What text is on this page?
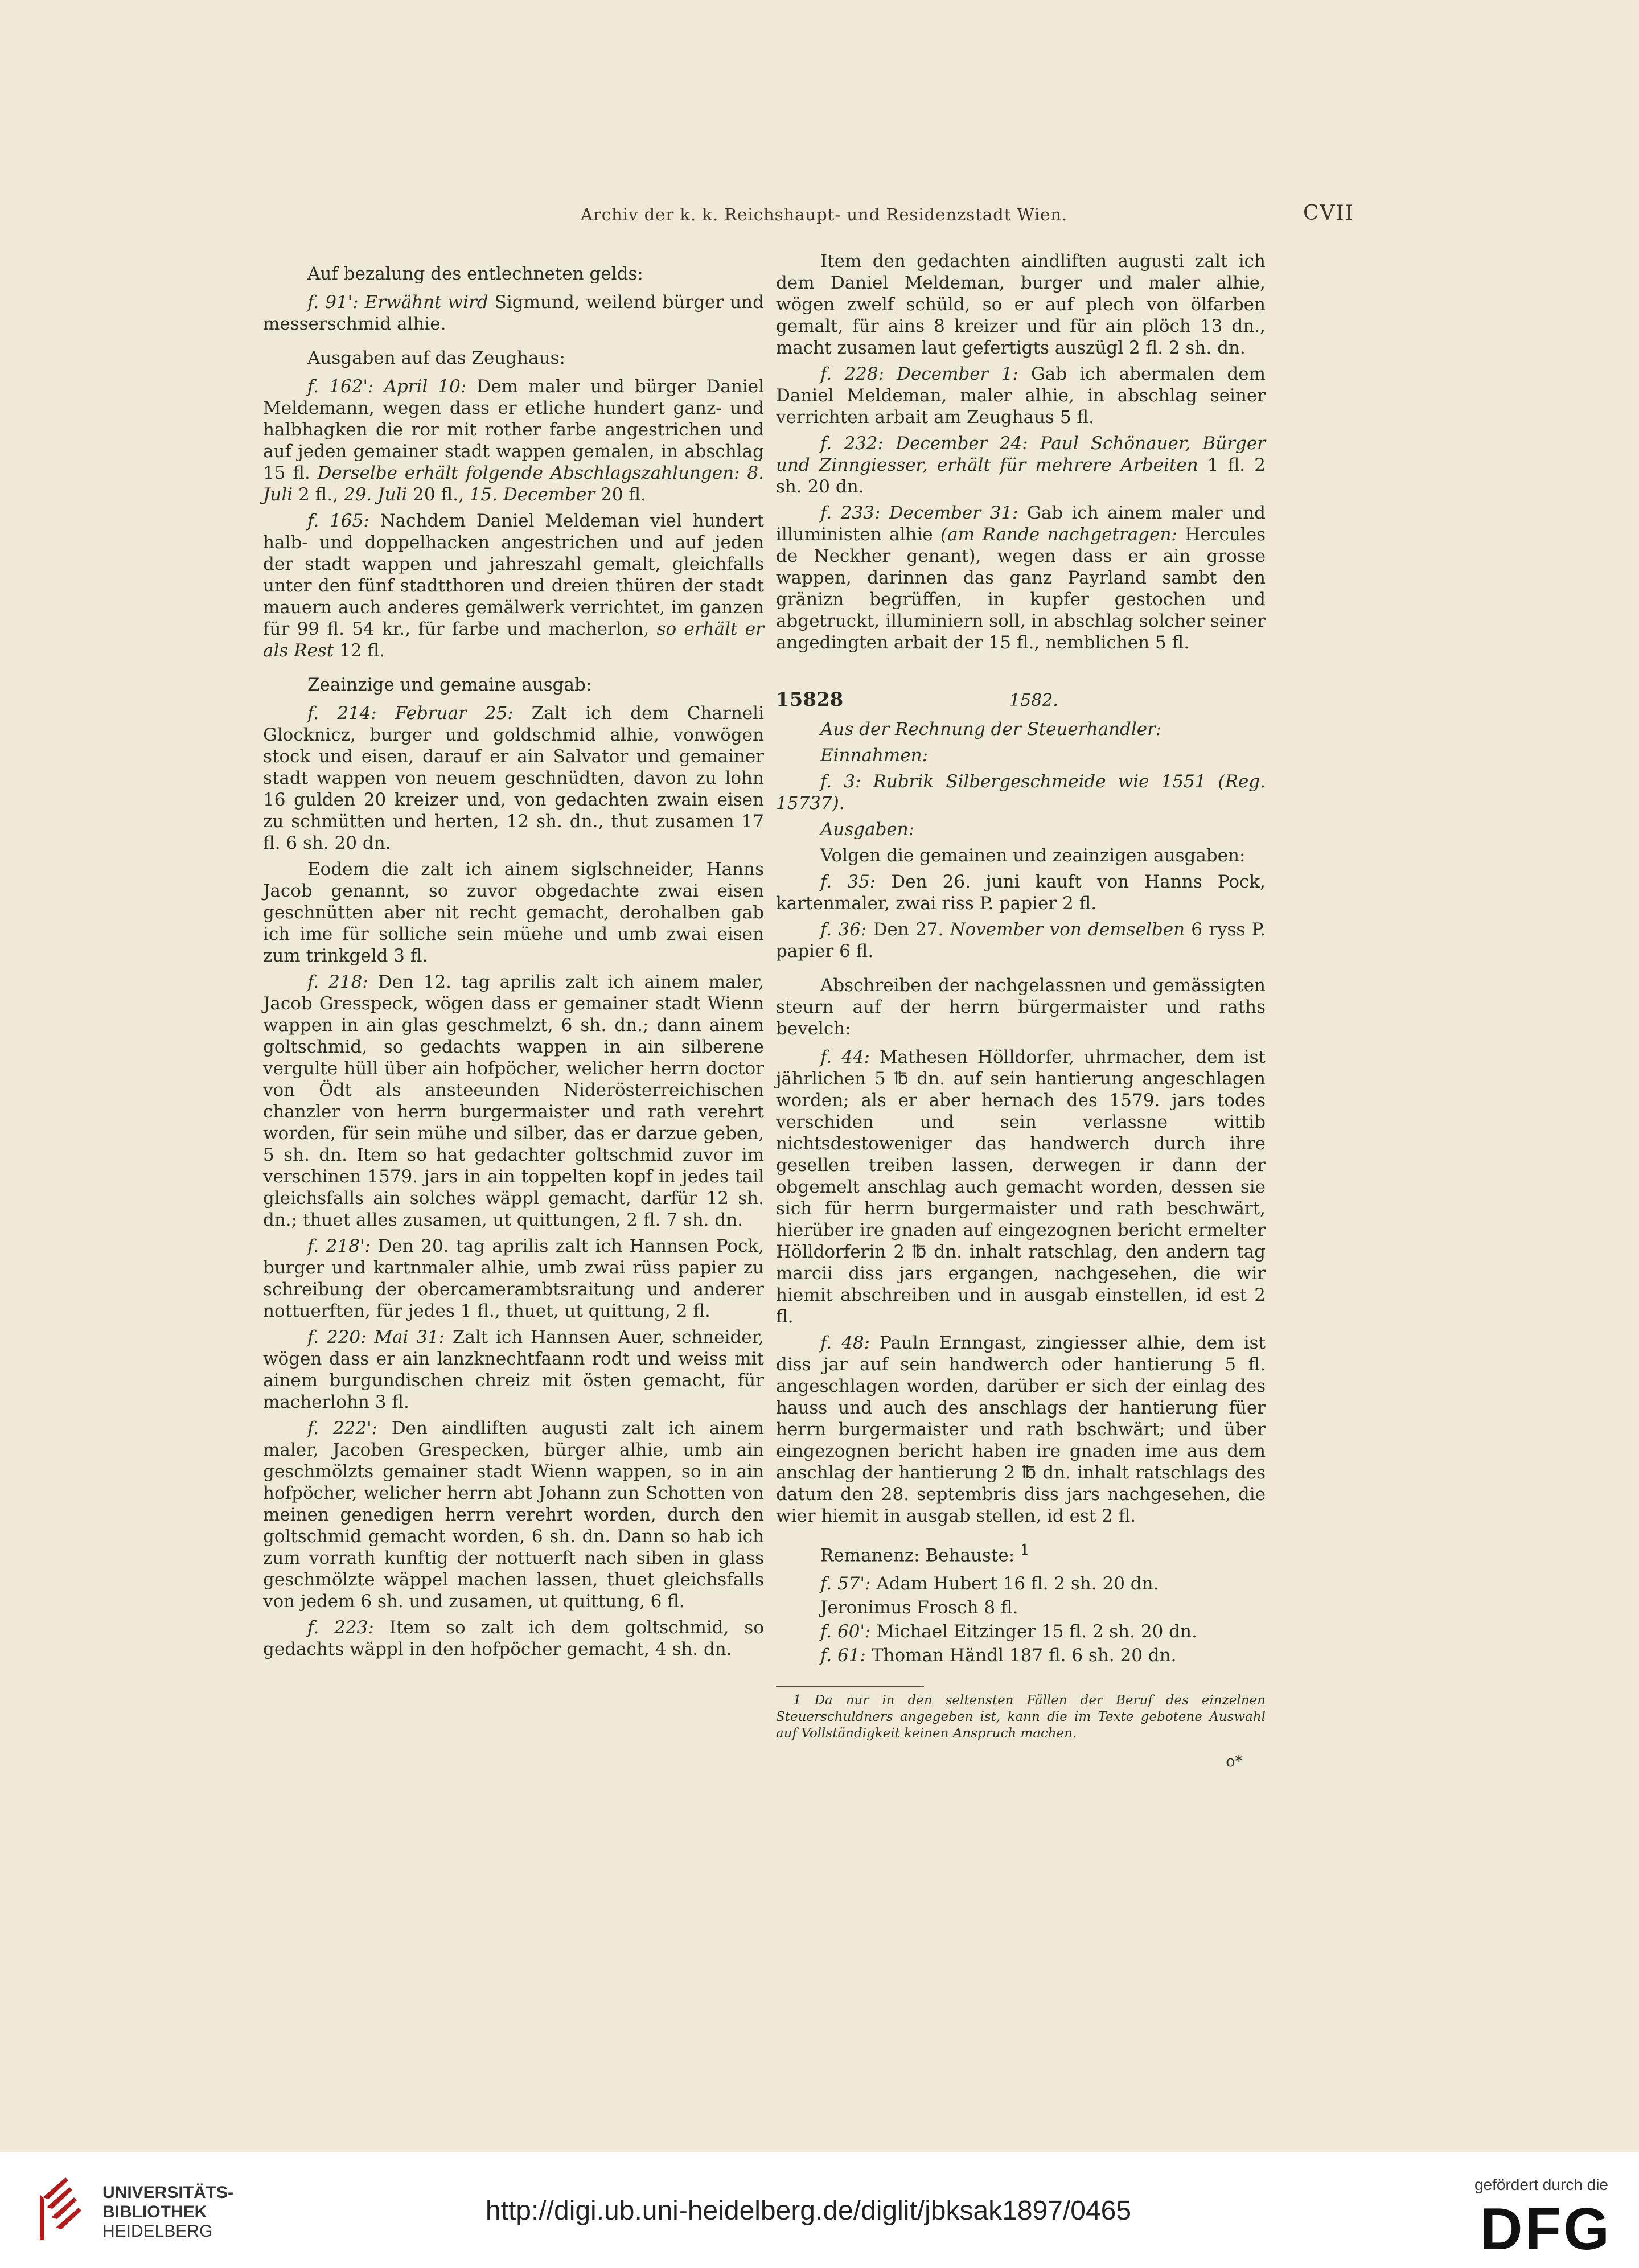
Archiv der k. k. Reichshaupt- und Residenzstadt Wien.	CVII

Auf bezalung des entlechneten gelds:

f. 91': Erwähnt wird Sigmund, weilend bürger und messerschmid alhie.

Ausgaben auf das Zeughaus:

f. 162': April 10: Dem maler und bürger Daniel Meldemann, wegen dass er etliche hundert ganz- und halbhagken die ror mit rother farbe angestrichen und auf jeden gemainer stadt wappen gemalen, in abschlag 15 fl. Derselbe erhält folgende Abschlagszahlungen: 8. Juli 2 fl., 29. Juli 20 fl., 15. December 20 fl.

f. 165: Nachdem Daniel Meldeman viel hundert halb- und doppelhacken angestrichen und auf jeden der stadt wappen und jahreszahl gemalt, gleichfalls unter den fünf stadtthoren und dreien thüren der stadt mauern auch anderes gemälwerk verrichtet, im ganzen für 99 fl. 54 kr., für farbe und macherlon, so erhält er als Rest 12 fl.

Zeainzige und gemaine ausgab:

f. 214: Februar 25: Zalt ich dem Charneli Glocknicz, burger und goldschmid alhie, vonwögen stock und eisen, darauf er ain Salvator und gemainer stadt wappen von neuem geschnüdten, davon zu lohn 16 gulden 20 kreizer und, von gedachten zwain eisen zu schmütten und herten, 12 sh. dn., thut zusamen 17 fl. 6 sh. 20 dn.

Eodem die zalt ich ainem siglschneider, Hanns Jacob genannt, so zuvor obgedachte zwai eisen geschnütten aber nit recht gemacht, derohalben gab ich ime für solliche sein müehe und umb zwai eisen zum trinkgeld 3 fl.

f. 218: Den 12. tag aprilis zalt ich ainem maler, Jacob Gresspeck, wögen dass er gemainer stadt Wienn wappen in ain glas geschmelzt, 6 sh. dn.; dann ainem goltschmid, so gedachts wappen in ain silberene vergulte hüll über ain hofpöcher, welicher herrn doctor von Ödt als ansteeunden Niderösterreichischen chanzler von herrn burgermaister und rath verehrt worden, für sein mühe und silber, das er darzue geben, 5 sh. dn. Item so hat gedachter goltschmid zuvor im verschinen 1579. jars in ain toppelten kopf in jedes tail gleichsfalls ain solches wäppl gemacht, darfür 12 sh. dn.; thuet alles zusamen, ut quittungen, 2 fl. 7 sh. dn.

f. 218': Den 20. tag aprilis zalt ich Hannsen Pock, burger und kartnmaler alhie, umb zwai rüss papier zu schreibung der obercamerambtsraitung und anderer nottuerften, für jedes 1 fl., thuet, ut quittung, 2 fl.

f. 220: Mai 31: Zalt ich Hannsen Auer, schneider, wögen dass er ain lanzknechtfaann rodt und weiss mit ainem burgundischen chreiz mit östen gemacht, für macherlohn 3 fl.

f. 222': Den aindliften augusti zalt ich ainem maler, Jacoben Grespecken, bürger alhie, umb ain geschmölzts gemainer stadt Wienn wappen, so in ain hofpöcher, welicher herrn abt Johann zun Schotten von meinen genedigen herrn verehrt worden, durch den goltschmid gemacht worden, 6 sh. dn. Dann so hab ich zum vorrath kunftig der nottuerft nach siben in glass geschmölzte wäppel machen lassen, thuet gleichsfalls von jedem 6 sh. und zusamen, ut quittung, 6 fl.

f. 223: Item so zalt ich dem goltschmid, so gedachts wäppl in den hofpöcher gemacht, 4 sh. dn.

Item den gedachten aindliften augusti zalt ich dem Daniel Meldeman, burger und maler alhie, wögen zwelf schüld, so er auf plech von ölfarben gemalt, für ains 8 kreizer und für ain plöch 13 dn., macht zusamen laut gefertigts auszügl 2 fl. 2 sh. dn.

f. 228: December 1: Gab ich abermalen dem Daniel Meldeman, maler alhie, in abschlag seiner verrichten arbait am Zeughaus 5 fl.

f. 232: December 24: Paul Schönauer, Bürger und Zinngiesser, erhält für mehrere Arbeiten 1 fl. 2 sh. 20 dn.

f. 233: December 31: Gab ich ainem maler und illuministen alhie (am Rande nachgetragen: Hercules de Neckher genant), wegen dass er ain grosse wappen, darinnen das ganz Payrland sambt den gränizn begrüffen, in kupfer gestochen und abgetruckt, illuminiern soll, in abschlag solcher seiner angedingten arbait der 15 fl., nemblichen 5 fl.

15828	1582.

Aus der Rechnung der Steuerhandler:

Einnahmen:

f. 3: Rubrik Silbergeschmeide wie 1551 (Reg. 15737).

Ausgaben:

Volgen die gemainen und zeainzigen ausgaben:

f. 35: Den 26. juni kauft von Hanns Pock, kartenmaler, zwai riss P. papier 2 fl.

f. 36: Den 27. November von demselben 6 ryss P. papier 6 fl.

Abschreiben der nachgelassnen und gemässigten steurn auf der herrn bürgermaister und raths bevelch:

f. 44: Mathesen Hölldorfer, uhrmacher, dem ist jährlichen 5 ℔ dn. auf sein hantierung angeschlagen worden; als er aber hernach des 1579. jars todes verschiden und sein verlassne wittib nichtsdestoweniger das handwerch durch ihre gesellen treiben lassen, derwegen ir dann der obgemelt anschlag auch gemacht worden, dessen sie sich für herrn burgermaister und rath beschwärt, hierüber ire gnaden auf eingezognen bericht ermelter Hölldorferin 2 ℔ dn. inhalt ratschlag, den andern tag marcii diss jars ergangen, nachgesehen, die wir hiemit abschreiben und in ausgab einstellen, id est 2 fl.

f. 48: Pauln Ernngast, zingiesser alhie, dem ist diss jar auf sein handwerch oder hantierung 5 fl. angeschlagen worden, darüber er sich der einlag des hauss und auch des anschlags der hantierung füer herrn burgermaister und rath bschwärt; und über eingezognen bericht haben ire gnaden ime aus dem anschlag der hantierung 2 ℔ dn. inhalt ratschlags des datum den 28. septembris diss jars nachgesehen, die wier hiemit in ausgab stellen, id est 2 fl.

Remanenz: Behauste: $^1$

f. 57': Adam Hubert 16 fl. 2 sh. 20 dn.
Jeronimus Frosch 8 fl.
f. 60': Michael Eitzinger 15 fl. 2 sh. 20 dn.
f. 61: Thoman Händl 187 fl. 6 sh. 20 dn.
1 Da nur in den seltensten Fällen der Beruf des einzelnen Steuerschuldners angegeben ist, kann die im Texte gebotene Auswahl auf Vollständigkeit keinen Anspruch machen.
o*
UNIVERSITÄTS-
BIBLIOTHEK
HEIDELBERG
http://digi.ub.uni-heidelberg.de/diglit/jbksak1897/0465
gefördert durch die
DFG
